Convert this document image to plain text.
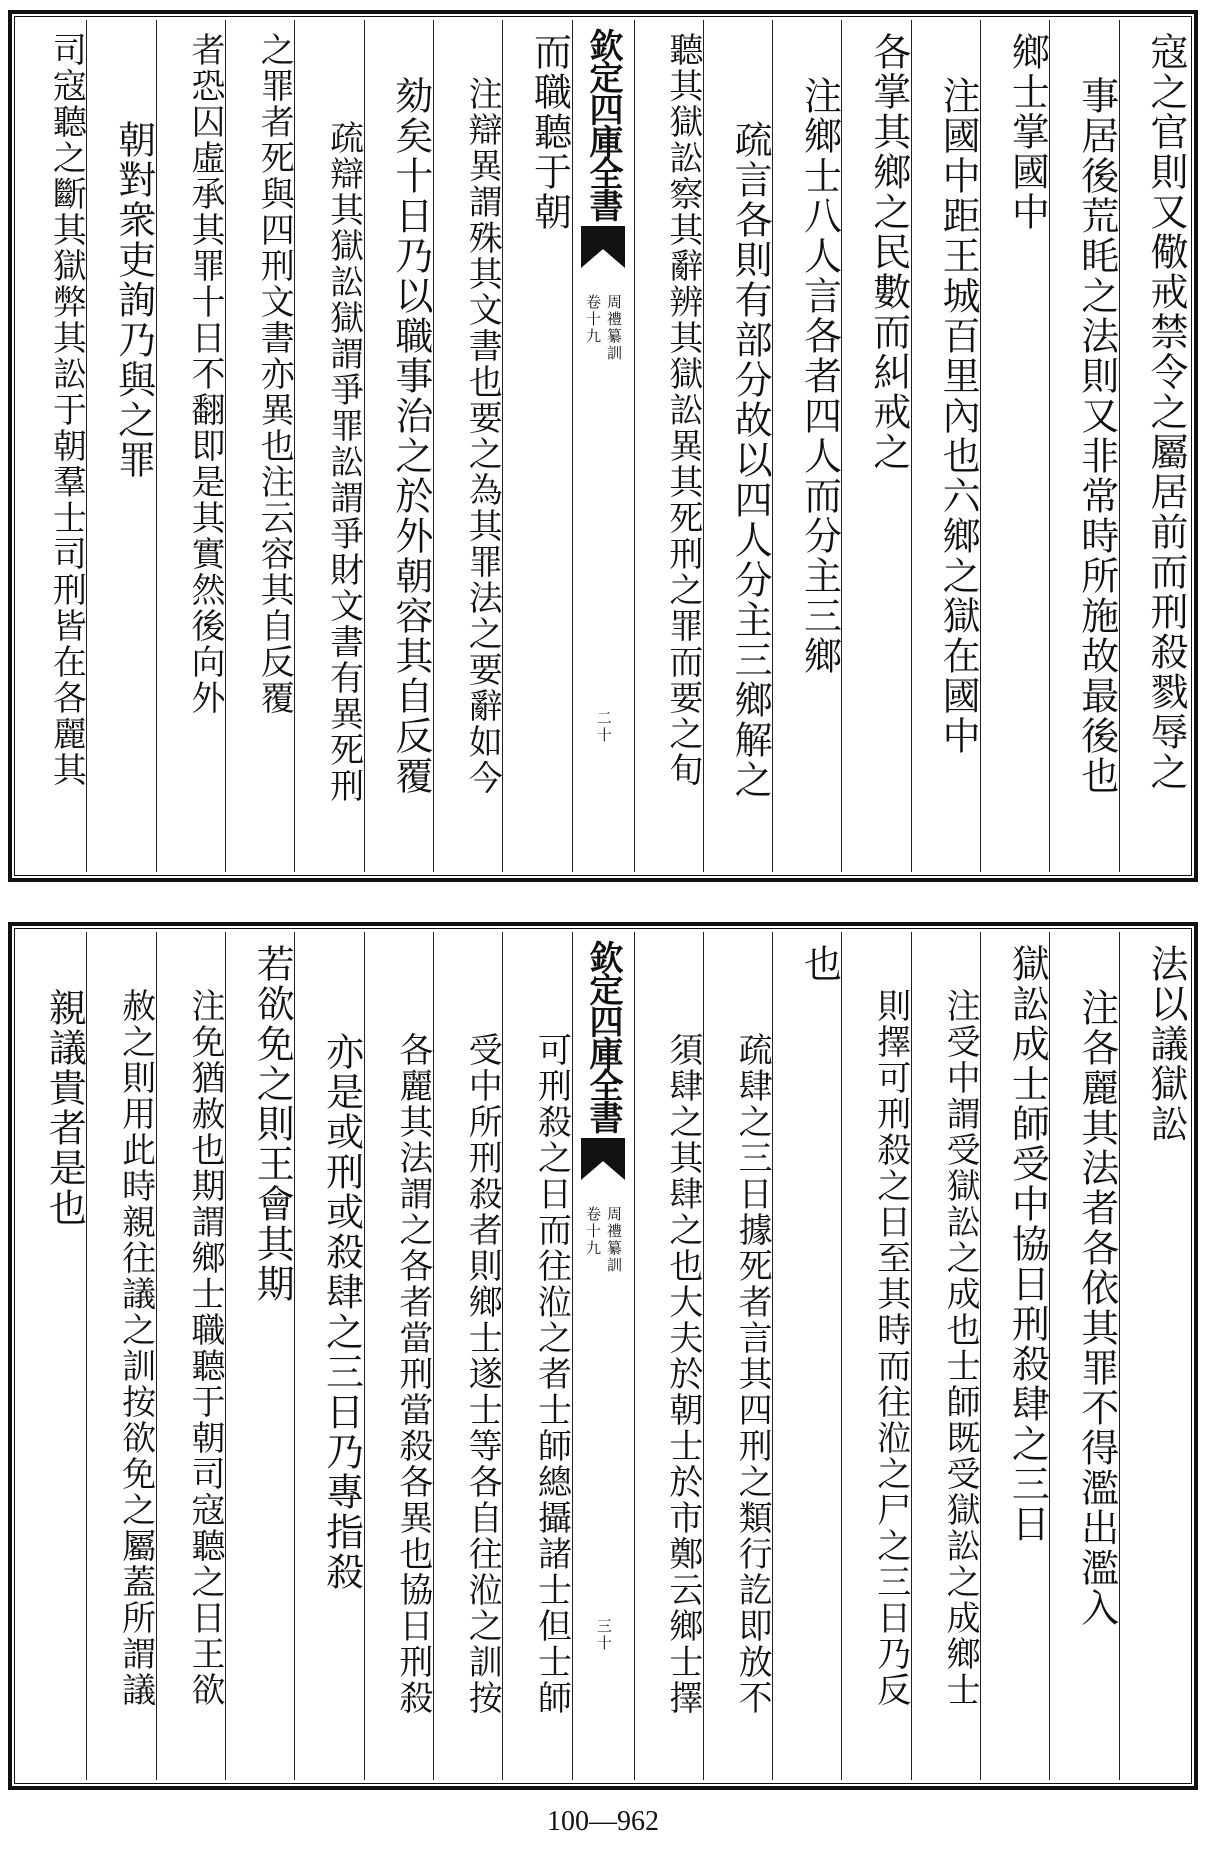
寇之官則又儆戒禁令之屬居前而刑殺戮辱之
事居後荒眊之法則又非常時所施故最後也
鄉士掌國中
注國中距王城百里內也六鄉之獄在國中
各掌其鄉之民數而糾戒之
注鄉士八人言各者四人而分主三鄉
疏言各則有部分故以四人分主三鄉解之
聽其獄訟察其辭辨其獄訟異其死刑之罪而要之旬
欽定四庫全書
周禮纂訓
卷十九
二十
而職聽于朝
注辯異謂殊其文書也要之為其罪法之要辭如今
劾矣十日乃以職事治之於外朝容其自反覆
疏辯其獄訟獄謂爭罪訟謂爭財文書有異死刑
之罪者死與四刑文書亦異也注云容其自反覆
者恐囚虛承其罪十日不翻即是其實然後向外
朝對衆吏詢乃與之罪
司寇聽之斷其獄弊其訟于朝羣士司刑皆在各麗其
法以議獄訟
注各麗其法者各依其罪不得濫出濫入
獄訟成士師受中協日刑殺肆之三日
注受中謂受獄訟之成也士師既受獄訟之成鄉士
則擇可刑殺之日至其時而往涖之尸之三日乃反
也
疏肆之三日據死者言其四刑之類行訖即放不
須肆之其肆之也大夫於朝士於市鄭云鄉士擇
欽定四庫全書
周禮纂訓
卷十九
三十
可刑殺之日而往涖之者士師總攝諸士但士師
受中所刑殺者則鄉士遂士等各自往涖之訓按
各麗其法謂之各者當刑當殺各異也協日刑殺
亦是或刑或殺肆之三日乃專指殺
若欲免之則王會其期
注免猶赦也期謂鄉士職聽于朝司寇聽之日王欲
赦之則用此時親往議之訓按欲免之屬蓋所謂議
親議貴者是也
100—962
